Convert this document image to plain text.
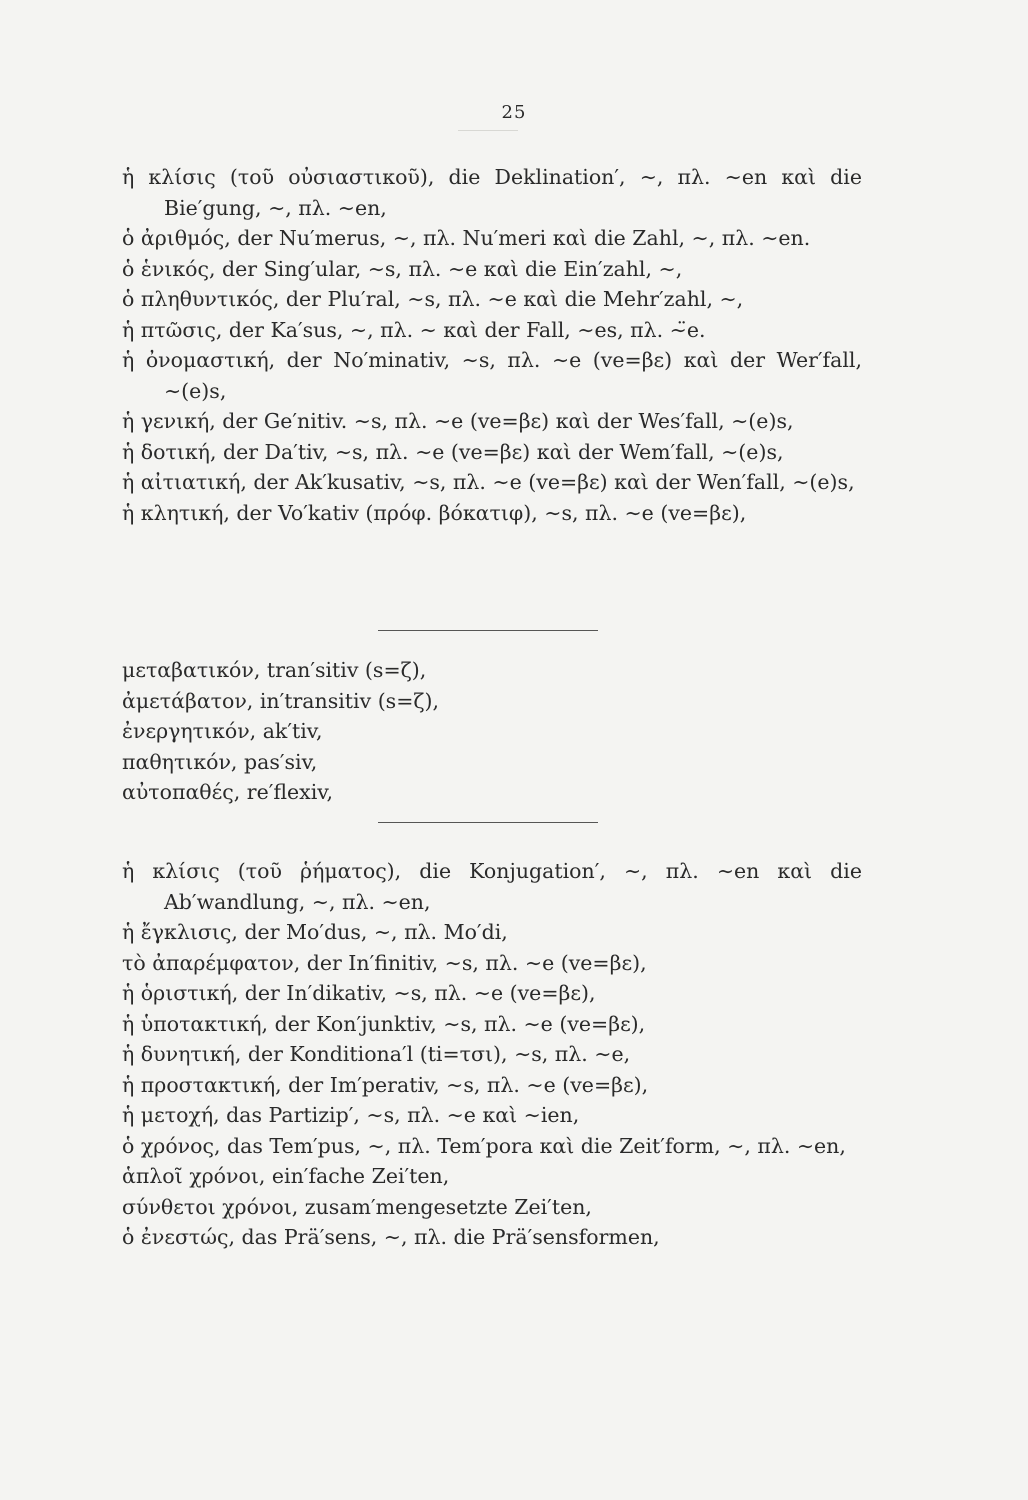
25
ἡ κλίσις (τοῦ οὐσιαστικοῦ), die Deklination′, ∼, πλ. ∼en καὶ die Bie′gung, ∼, πλ. ∼en,
ὁ ἀριθμός, der Nu′merus, ∼, πλ. Nu′meri καὶ die Zahl, ∼, πλ. ∼en.
ὁ ἑνικός, der Sing′ular, ∼s, πλ. ∼e καὶ die Ein′zahl, ∼,
ὁ πληθυντικός, der Plu′ral, ∼s, πλ. ∼e καὶ die Mehr′zahl, ∼,
ἡ πτῶσις, der Ka′sus, ∼, πλ. ∼ καὶ der Fall, ∼es, πλ. ∼̈e.
ἡ ὀνομαστική, der No′minativ, ∼s, πλ. ∼e (ve=βε) καὶ der Wer′fall, ∼(e)s,
ἡ γενική, der Ge′nitiv. ∼s, πλ. ∼e (ve=βε) καὶ der Wes′fall, ∼(e)s,
ἡ δοτική, der Da′tiv, ∼s, πλ. ∼e (ve=βε) καὶ der Wem′fall, ∼(e)s,
ἡ αἰτιατική, der Ak′kusativ, ∼s, πλ. ∼e (ve=βε) καὶ der Wen′fall, ∼(e)s,
ἡ κλητική, der Vo′kativ (πρόφ. βόκατιφ), ∼s, πλ. ∼e (ve=βε),
μεταβατικόν, tran′sitiv (s=ζ),
ἀμετάβατον, in′transitiv (s=ζ),
ἐνεργητικόν, ak′tiv,
παθητικόν, pas′siv,
αὐτοπαθές, re′flexiv,
ἡ κλίσις (τοῦ ῥήματος), die Konjugation′, ∼, πλ. ∼en καὶ die Ab′wandlung, ∼, πλ. ∼en,
ἡ ἔγκλισις, der Mo′dus, ∼, πλ. Mo′di,
τὸ ἀπαρέμφατον, der In′finitiv, ∼s, πλ. ∼e (ve=βε),
ἡ ὁριστική, der In′dikativ, ∼s, πλ. ∼e (ve=βε),
ἡ ὑποτακτική, der Kon′junktiv, ∼s, πλ. ∼e (ve=βε),
ἡ δυνητική, der Konditiona′l (ti=τσι), ∼s, πλ. ∼e,
ἡ προστακτική, der Im′perativ, ∼s, πλ. ∼e (ve=βε),
ἡ μετοχή, das Partizip′, ∼s, πλ. ∼e καὶ ∼ien,
ὁ χρόνος, das Tem′pus, ∼, πλ. Tem′pora καὶ die Zeit′form, ∼, πλ. ∼en,
ἁπλοῖ χρόνοι, ein′fache Zei′ten,
σύνθετοι χρόνοι, zusam′mengesetzte Zei′ten,
ὁ ἐνεστώς, das Prä′sens, ∼, πλ. die Prä′sensformen,
